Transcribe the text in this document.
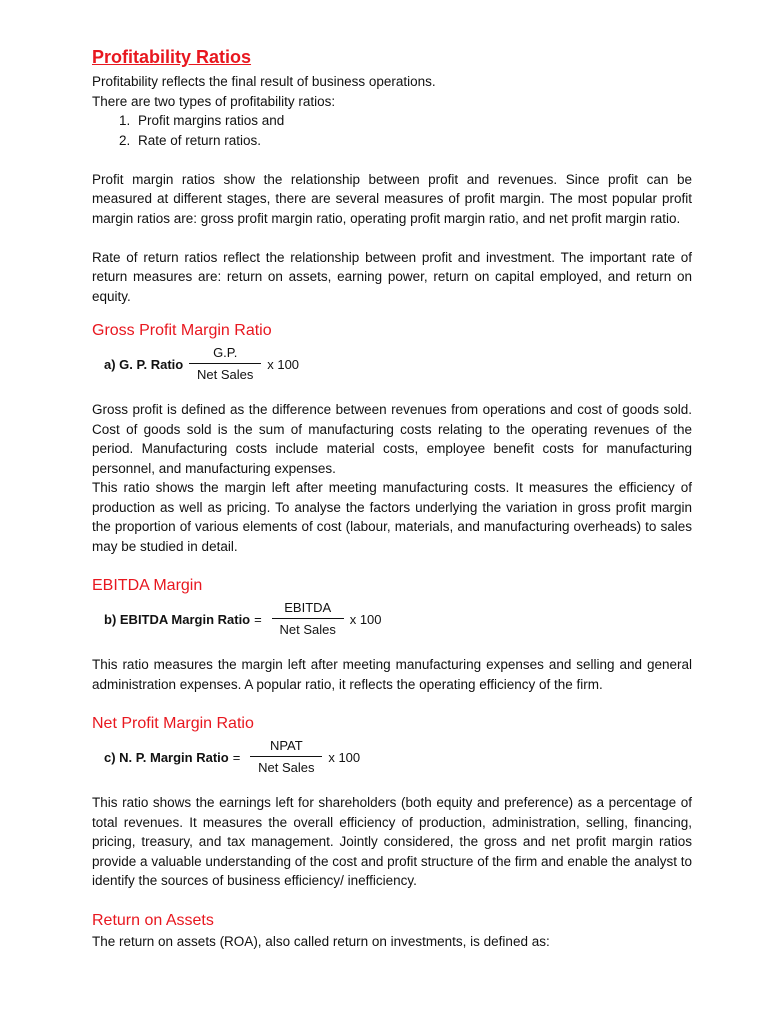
Profitability Ratios

Profitability reflects the final result of business operations.

There are two types of profitability ratios:

1. Profit margins ratios and
2. Rate of return ratios.

Profit margin ratios show the relationship between profit and revenues. Since profit can be measured at different stages, there are several measures of profit margin. The most popular profit margin ratios are: gross profit margin ratio, operating profit margin ratio, and net profit margin ratio.

Rate of return ratios reflect the relationship between profit and investment. The important rate of return measures are: return on assets, earning power, return on capital employed, and return on equity.

Gross Profit Margin Ratio
a) G. P. Ratio $\frac{G.P.}{\text{Net Sales}}$ x 100

Gross profit is defined as the difference between revenues from operations and cost of goods sold. Cost of goods sold is the sum of manufacturing costs relating to the operating revenues of the period. Manufacturing costs include material costs, employee benefit costs for manufacturing personnel, and manufacturing expenses.

This ratio shows the margin left after meeting manufacturing costs. It measures the efficiency of production as well as pricing. To analyse the factors underlying the variation in gross profit margin the proportion of various elements of cost (labour, materials, and manufacturing overheads) to sales may be studied in detail.

EBITDA Margin
b) EBITDA Margin Ratio = $\frac{\text{EBITDA}}{\text{Net Sales}}$ x 100

This ratio measures the margin left after meeting manufacturing expenses and selling and general administration expenses. A popular ratio, it reflects the operating efficiency of the firm.

Net Profit Margin Ratio
c) N. P. Margin Ratio = $\frac{\text{NPAT}}{\text{Net Sales}}$ x 100

This ratio shows the earnings left for shareholders (both equity and preference) as a percentage of total revenues. It measures the overall efficiency of production, administration, selling, financing, pricing, treasury, and tax management. Jointly considered, the gross and net profit margin ratios provide a valuable understanding of the cost and profit structure of the firm and enable the analyst to identify the sources of business efficiency/ inefficiency.

Return on Assets

The return on assets (ROA), also called return on investments, is defined as:
